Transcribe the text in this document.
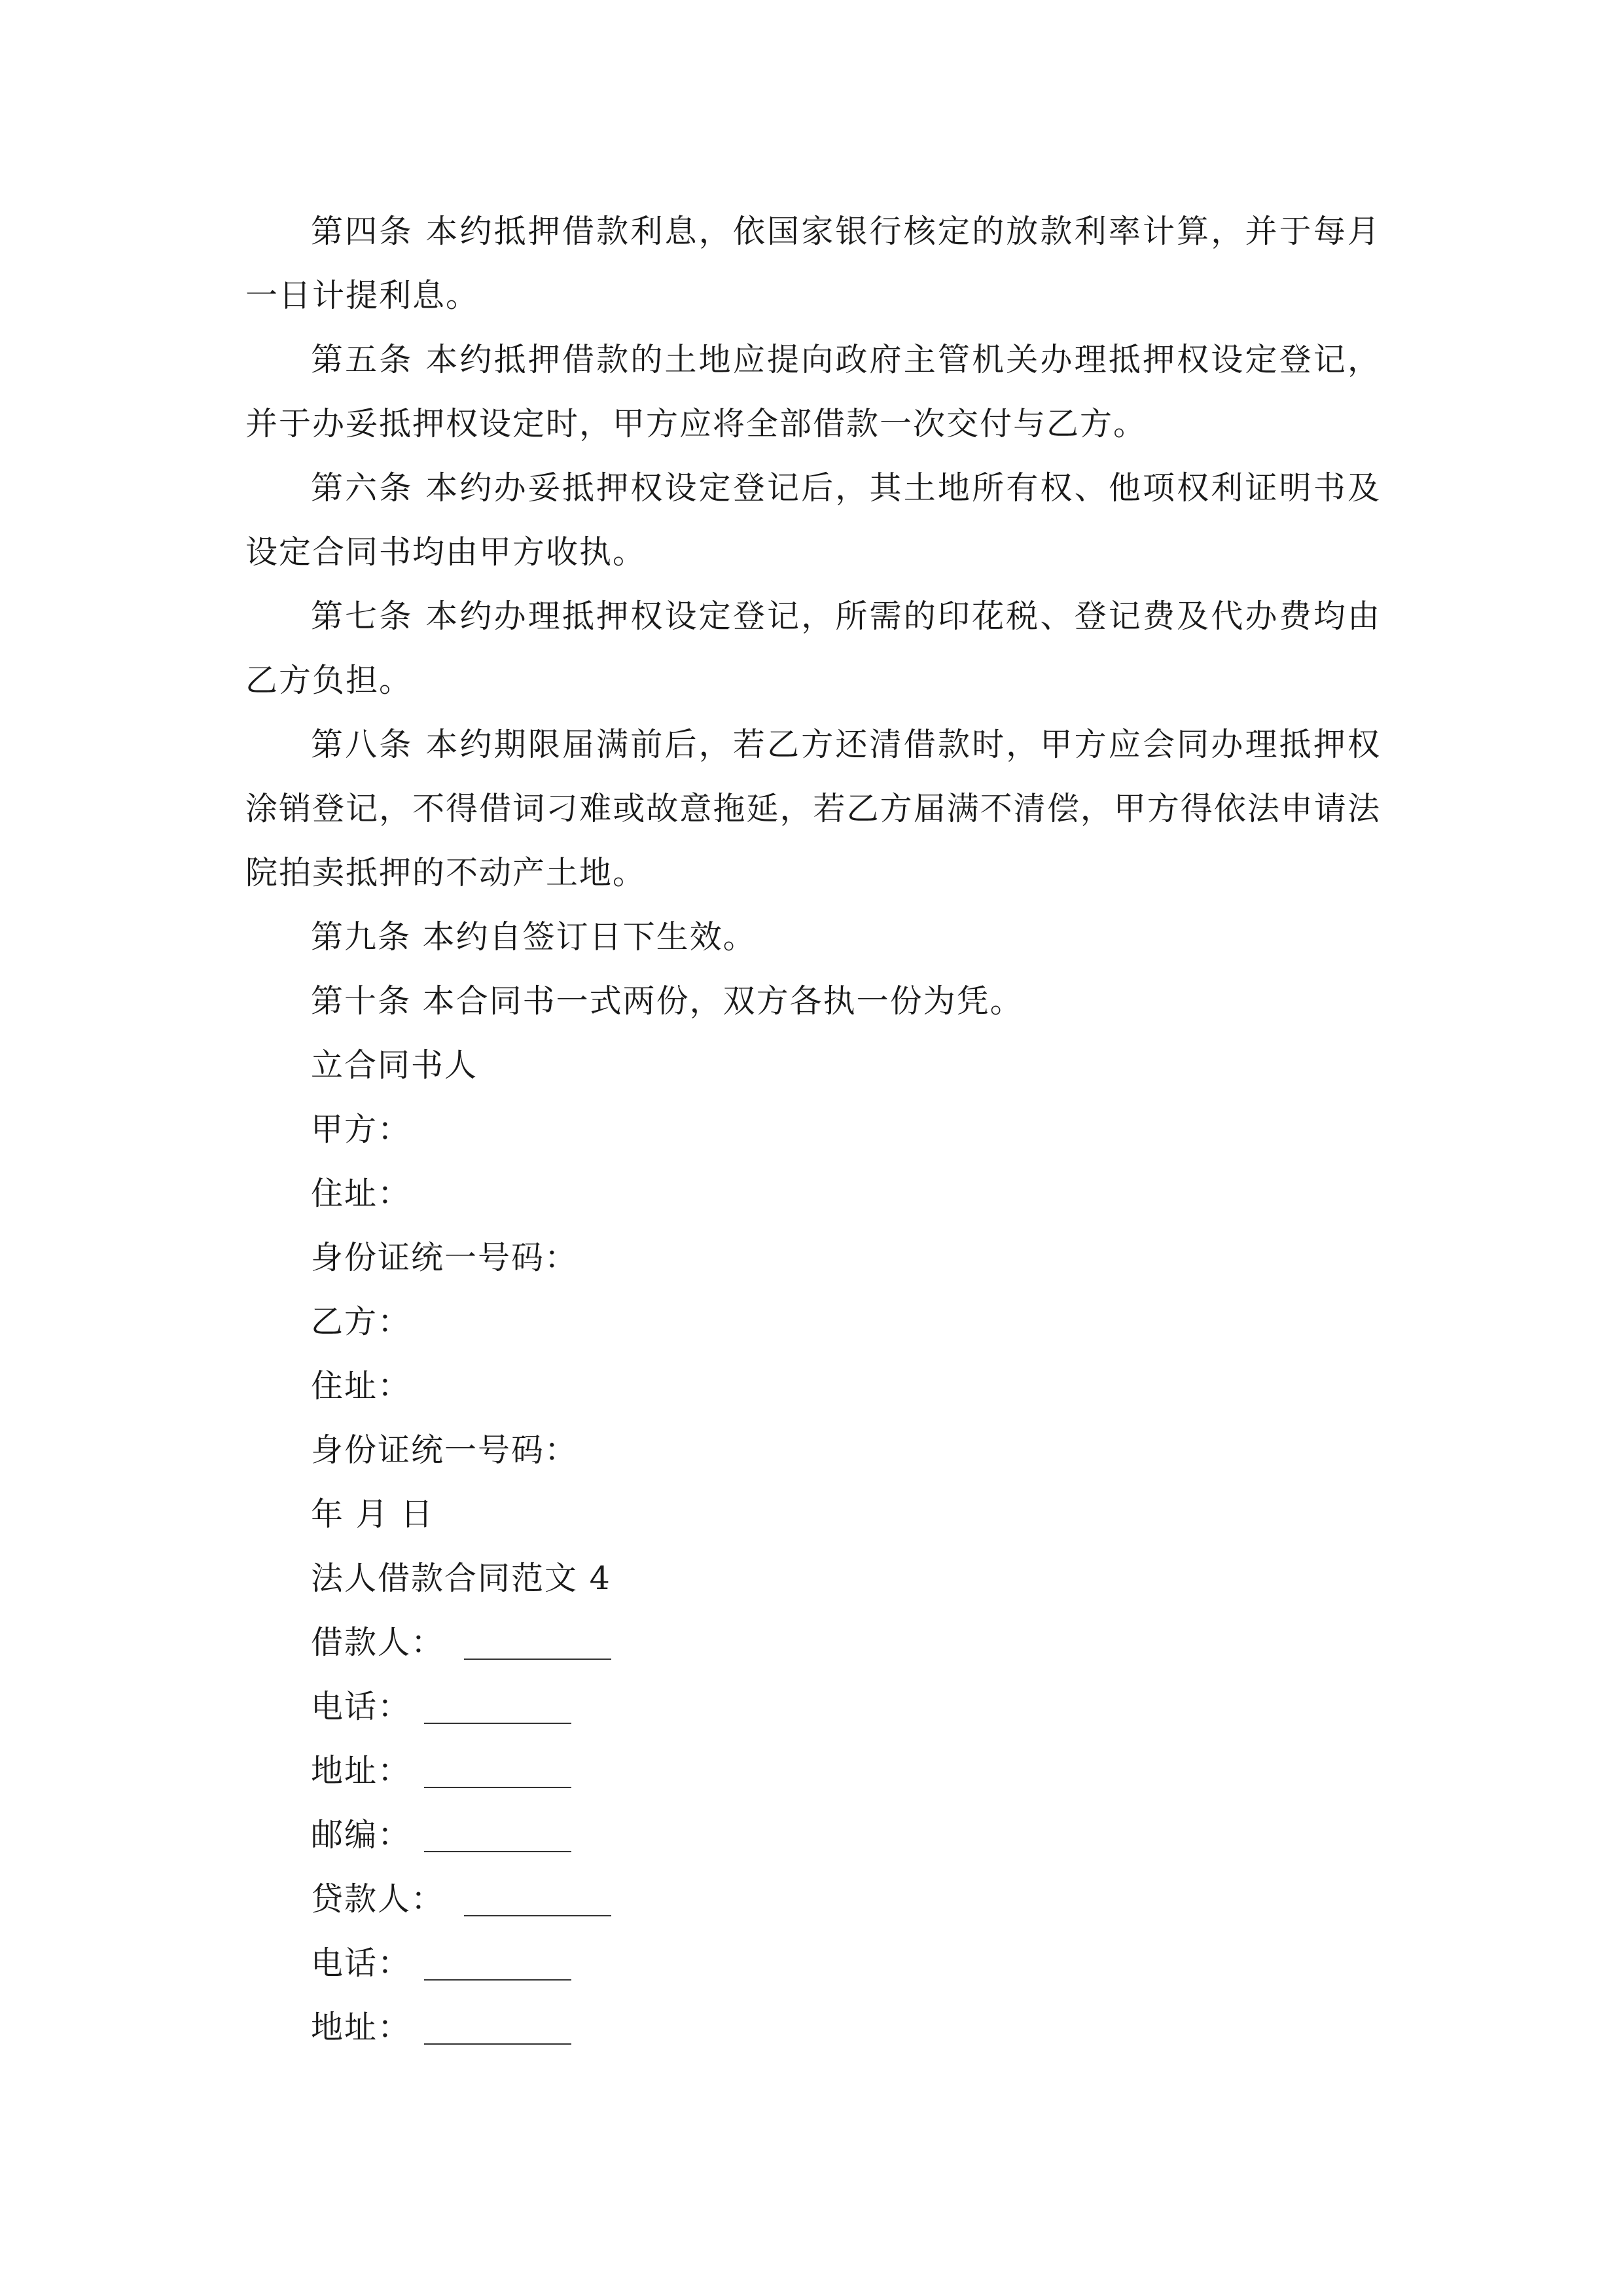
第四条 本约抵押借款利息，依国家银行核定的放款利率计算，并于每月一日计提利息。

第五条 本约抵押借款的土地应提向政府主管机关办理抵押权设定登记，并于办妥抵押权设定时，甲方应将全部借款一次交付与乙方。

第六条 本约办妥抵押权设定登记后，其土地所有权、他项权利证明书及设定合同书均由甲方收执。

第七条 本约办理抵押权设定登记，所需的印花税、登记费及代办费均由乙方负担。

第八条 本约期限届满前后，若乙方还清借款时，甲方应会同办理抵押权涂销登记，不得借词刁难或故意拖延，若乙方届满不清偿，甲方得依法申请法院拍卖抵押的不动产土地。

第九条 本约自签订日下生效。

第十条 本合同书一式两份，双方各执一份为凭。

立合同书人

甲方：

住址：

身份证统一号码：

乙方：

住址：

身份证统一号码：

年 月 日

法人借款合同范文 4

借款人：

电话：

地址：

邮编：

贷款人：

电话：

地址：
